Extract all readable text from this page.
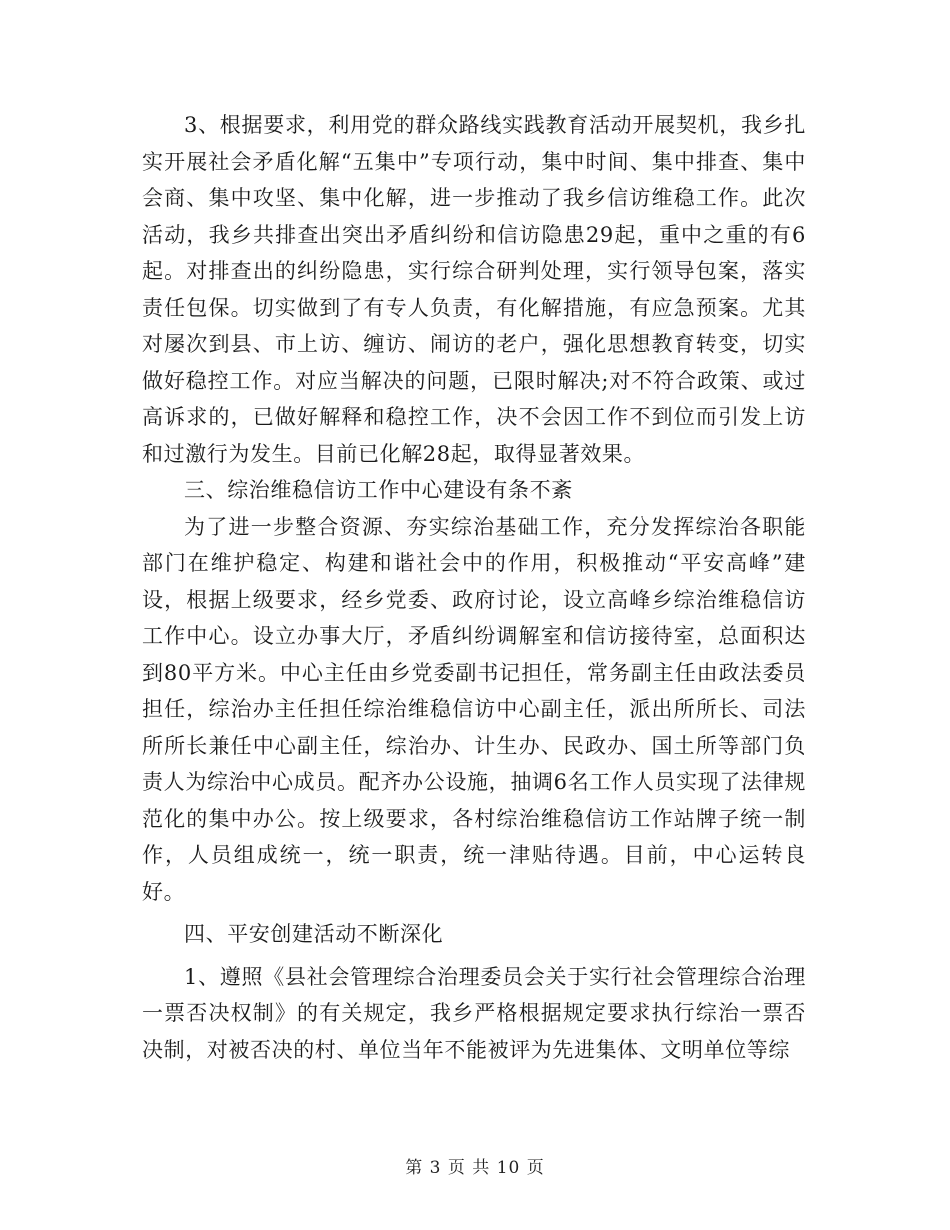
3、根据要求，利用党的群众路线实践教育活动开展契机，我乡扎实开展社会矛盾化解“五集中”专项行动，集中时间、集中排查、集中会商、集中攻坚、集中化解，进一步推动了我乡信访维稳工作。此次活动，我乡共排查出突出矛盾纠纷和信访隐患29起，重中之重的有6起。对排查出的纠纷隐患，实行综合研判处理，实行领导包案，落实责任包保。切实做到了有专人负责，有化解措施，有应急预案。尤其对屡次到县、市上访、缠访、闹访的老户，强化思想教育转变，切实做好稳控工作。对应当解决的问题，已限时解决;对不符合政策、或过高诉求的，已做好解释和稳控工作，决不会因工作不到位而引发上访和过激行为发生。目前已化解28起，取得显著效果。

三、综治维稳信访工作中心建设有条不紊

为了进一步整合资源、夯实综治基础工作，充分发挥综治各职能部门在维护稳定、构建和谐社会中的作用，积极推动“平安高峰”建设，根据上级要求，经乡党委、政府讨论，设立高峰乡综治维稳信访工作中心。设立办事大厅，矛盾纠纷调解室和信访接待室，总面积达到80平方米。中心主任由乡党委副书记担任，常务副主任由政法委员担任，综治办主任担任综治维稳信访中心副主任，派出所所长、司法所所长兼任中心副主任，综治办、计生办、民政办、国土所等部门负责人为综治中心成员。配齐办公设施，抽调6名工作人员实现了法律规范化的集中办公。按上级要求，各村综治维稳信访工作站牌子统一制作，人员组成统一，统一职责，统一津贴待遇。目前，中心运转良好。

四、平安创建活动不断深化

1、遵照《县社会管理综合治理委员会关于实行社会管理综合治理一票否决权制》的有关规定，我乡严格根据规定要求执行综治一票否决制，对被否决的村、单位当年不能被评为先进集体、文明单位等综

第 3 页 共 10 页
